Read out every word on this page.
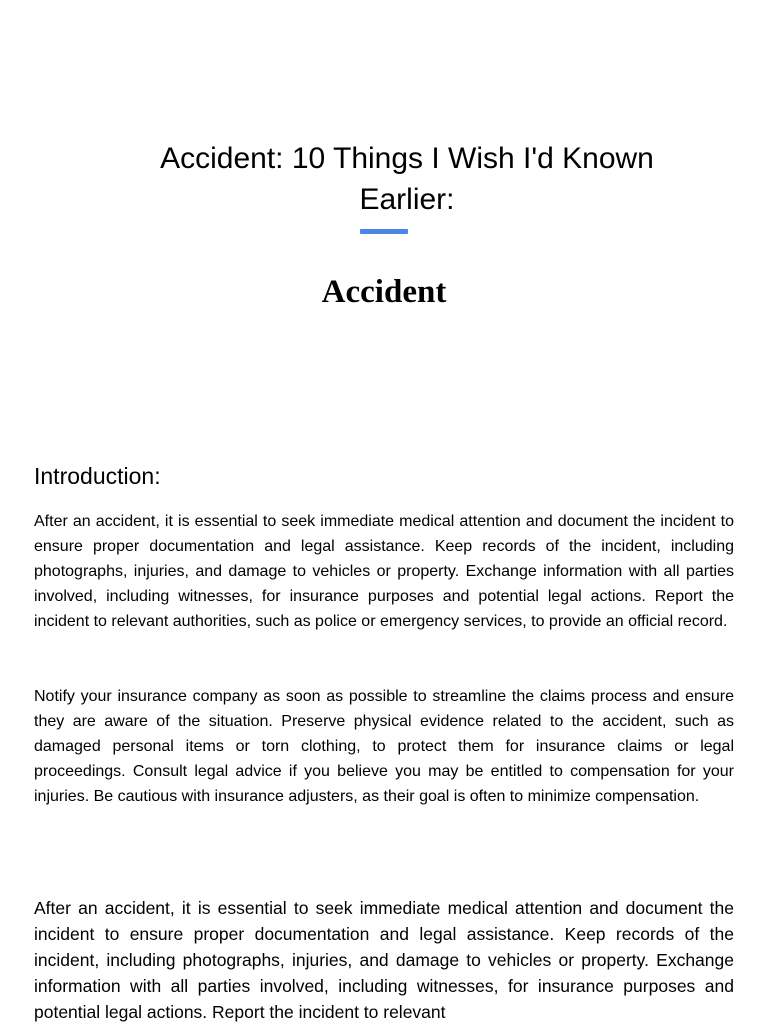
Accident: 10 Things I Wish I'd Known Earlier:
Accident
Introduction:

After an accident, it is essential to seek immediate medical attention and document the incident to ensure proper documentation and legal assistance. Keep records of the incident, including photographs, injuries, and damage to vehicles or property. Exchange information with all parties involved, including witnesses, for insurance purposes and potential legal actions. Report the incident to relevant authorities, such as police or emergency services, to provide an official record.

Notify your insurance company as soon as possible to streamline the claims process and ensure they are aware of the situation. Preserve physical evidence related to the accident, such as damaged personal items or torn clothing, to protect them for insurance claims or legal proceedings. Consult legal advice if you believe you may be entitled to compensation for your injuries. Be cautious with insurance adjusters, as their goal is often to minimize compensation.

After an accident, it is essential to seek immediate medical attention and document the incident to ensure proper documentation and legal assistance. Keep records of the incident, including photographs, injuries, and damage to vehicles or property. Exchange information with all parties involved, including witnesses, for insurance purposes and potential legal actions. Report the incident to relevant
